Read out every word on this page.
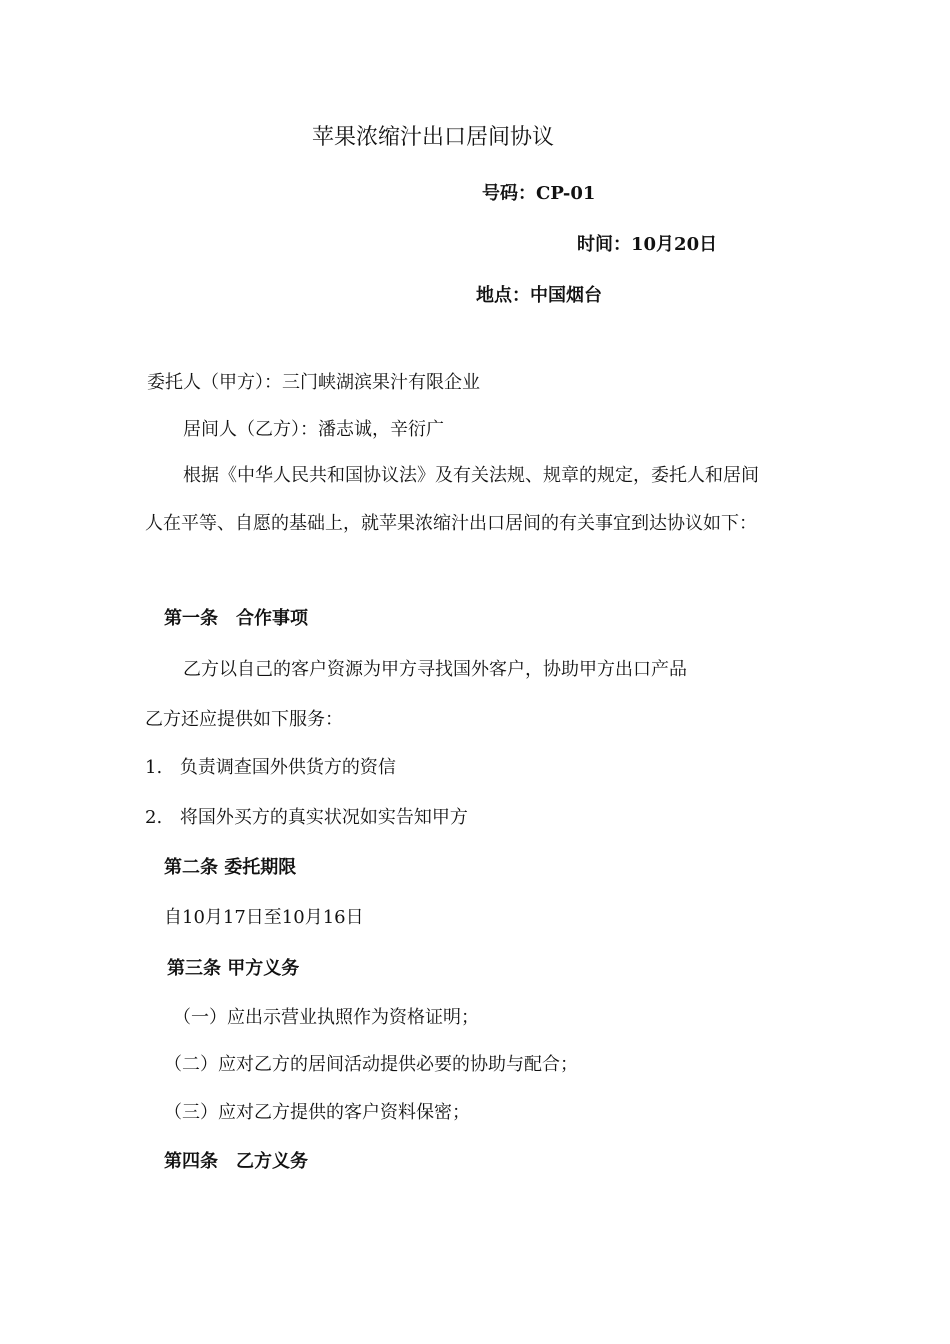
苹果浓缩汁出口居间协议
号码：CP-01
时间：10月20日
地点：中国烟台
委托人（甲方）：三门峡湖滨果汁有限企业
居间人（乙方）：潘志诚，辛衍广
根据《中华人民共和国协议法》及有关法规、规章的规定，委托人和居间
人在平等、自愿的基础上，就苹果浓缩汁出口居间的有关事宜到达协议如下：
第一条　合作事项
乙方以自己的客户资源为甲方寻找国外客户，协助甲方出口产品
乙方还应提供如下服务：
1. 负责调查国外供货方的资信
2. 将国外买方的真实状况如实告知甲方
第二条 委托期限
自10月17日至10月16日
第三条 甲方义务
（一）应出示营业执照作为资格证明；
（二）应对乙方的居间活动提供必要的协助与配合；
（三）应对乙方提供的客户资料保密；
第四条　乙方义务
